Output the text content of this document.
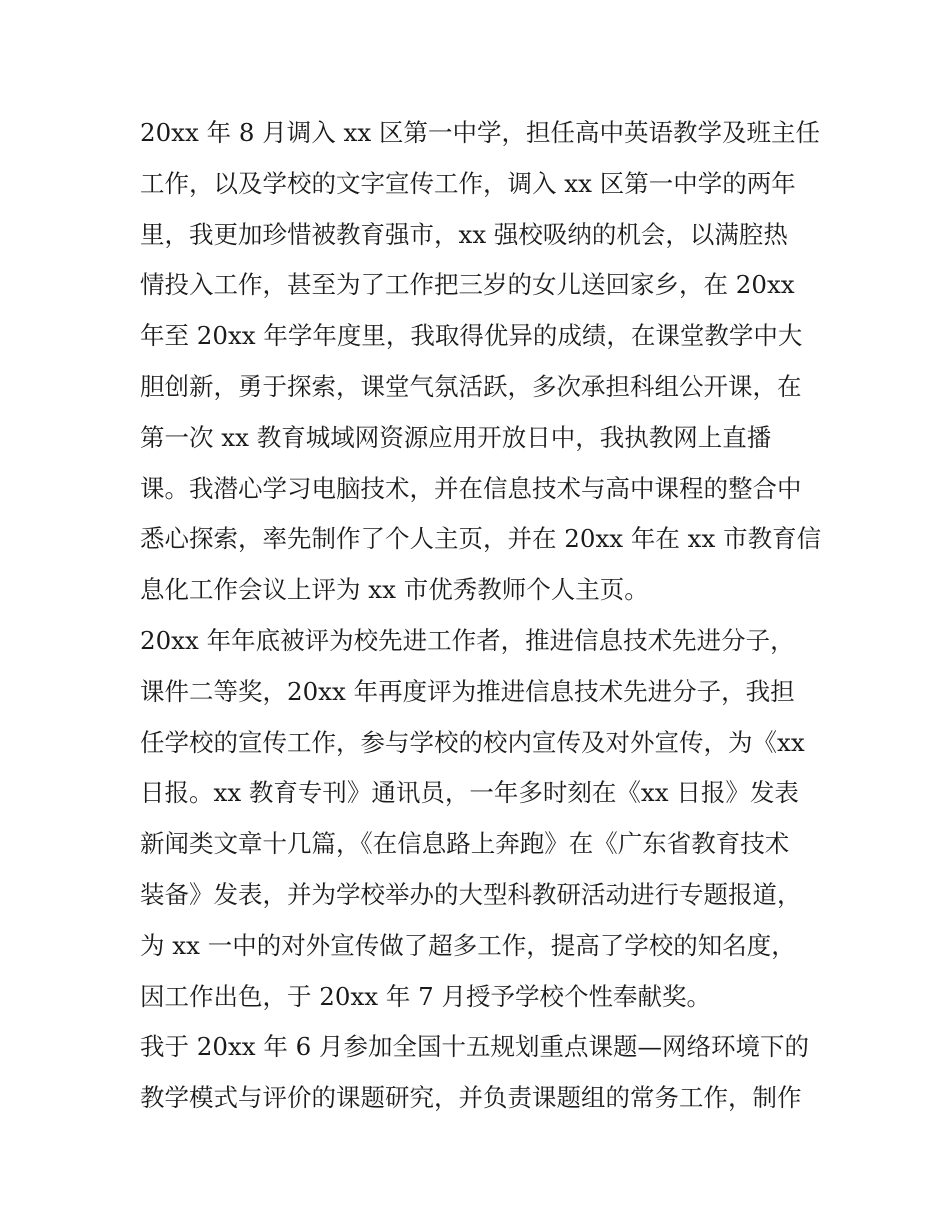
20xx 年 8 月调入 xx 区第一中学，担任高中英语教学及班主任
工作，以及学校的文字宣传工作，调入 xx 区第一中学的两年
里，我更加珍惜被教育强市，xx 强校吸纳的机会，以满腔热
情投入工作，甚至为了工作把三岁的女儿送回家乡，在 20xx
年至 20xx 年学年度里，我取得优异的成绩，在课堂教学中大
胆创新，勇于探索，课堂气氛活跃，多次承担科组公开课，在
第一次 xx 教育城域网资源应用开放日中，我执教网上直播
课。我潜心学习电脑技术，并在信息技术与高中课程的整合中
悉心探索，率先制作了个人主页，并在 20xx 年在 xx 市教育信
息化工作会议上评为 xx 市优秀教师个人主页。
20xx 年年底被评为校先进工作者，推进信息技术先进分子，
课件二等奖，20xx 年再度评为推进信息技术先进分子，我担
任学校的宣传工作，参与学校的校内宣传及对外宣传，为《xx
日报。xx 教育专刊》通讯员，一年多时刻在《xx 日报》发表
新闻类文章十几篇，《在信息路上奔跑》在《广东省教育技术
装备》发表，并为学校举办的大型科教研活动进行专题报道，
为 xx 一中的对外宣传做了超多工作，提高了学校的知名度，
因工作出色，于 20xx 年 7 月授予学校个性奉献奖。
我于 20xx 年 6 月参加全国十五规划重点课题—网络环境下的
教学模式与评价的课题研究，并负责课题组的常务工作，制作
